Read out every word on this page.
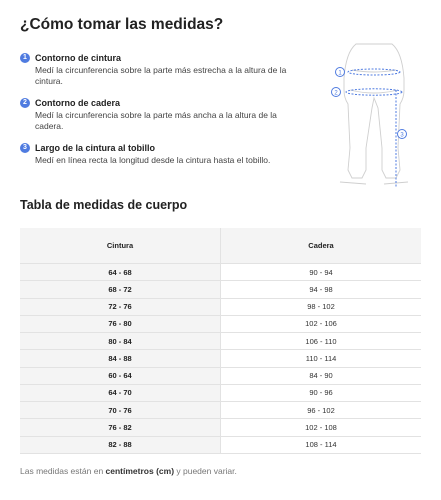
¿Cómo tomar las medidas?
1 Contorno de cintura
Medí la circunferencia sobre la parte más estrecha a la altura de la cintura.
2 Contorno de cadera
Medí la circunferencia sobre la parte más ancha a la altura de la cadera.
3 Largo de la cintura al tobillo
Medí en línea recta la longitud desde la cintura hasta el tobillo.
1
2
3
Tabla de medidas de cuerpo
Cintura	Cadera
64 - 68	90 - 94
68 - 72	94 - 98
72 - 76	98 - 102
76 - 80	102 - 106
80 - 84	106 - 110
84 - 88	110 - 114
60 - 64	84 - 90
64 - 70	90 - 96
70 - 76	96 - 102
76 - 82	102 - 108
82 - 88	108 - 114

Las medidas están en centímetros (cm) y pueden variar.
